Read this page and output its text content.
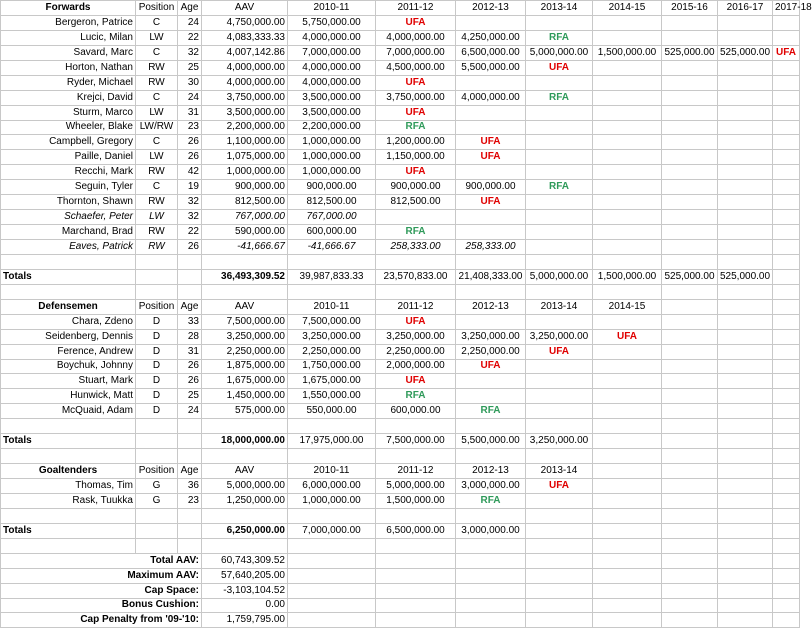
Forwards	Position	Age	AAV	2010-11	2011-12	2012-13	2013-14	2014-15	2015-16	2016-17	2017-18
Bergeron, Patrice	C	24	4,750,000.00	5,750,000.00	UFA						
Lucic, Milan	LW	22	4,083,333.33	4,000,000.00	4,000,000.00	4,250,000.00	RFA				
Savard, Marc	C	32	4,007,142.86	7,000,000.00	7,000,000.00	6,500,000.00	5,000,000.00	1,500,000.00	525,000.00	525,000.00	UFA
Horton, Nathan	RW	25	4,000,000.00	4,000,000.00	4,500,000.00	5,500,000.00	UFA				
Ryder, Michael	RW	30	4,000,000.00	4,000,000.00	UFA						
Krejci, David	C	24	3,750,000.00	3,500,000.00	3,750,000.00	4,000,000.00	RFA				
Sturm, Marco	LW	31	3,500,000.00	3,500,000.00	UFA						
Wheeler, Blake	LW/RW	23	2,200,000.00	2,200,000.00	RFA						
Campbell, Gregory	C	26	1,100,000.00	1,000,000.00	1,200,000.00	UFA					
Paille, Daniel	LW	26	1,075,000.00	1,000,000.00	1,150,000.00	UFA					
Recchi, Mark	RW	42	1,000,000.00	1,000,000.00	UFA						
Seguin, Tyler	C	19	900,000.00	900,000.00	900,000.00	900,000.00	RFA				
Thornton, Shawn	RW	32	812,500.00	812,500.00	812,500.00	UFA					
Schaefer, Peter	LW	32	767,000.00	767,000.00							
Marchand, Brad	RW	22	590,000.00	600,000.00	RFA						
Eaves, Patrick	RW	26	-41,666.67	-41,666.67	258,333.00	258,333.00					

Totals			36,493,309.52	39,987,833.33	23,570,833.00	21,408,333.00	5,000,000.00	1,500,000.00	525,000.00	525,000.00	

Defensemen	Position	Age	AAV	2010-11	2011-12	2012-13	2013-14	2014-15			
Chara, Zdeno	D	33	7,500,000.00	7,500,000.00	UFA						
Seidenberg, Dennis	D	28	3,250,000.00	3,250,000.00	3,250,000.00	3,250,000.00	3,250,000.00	UFA			
Ference, Andrew	D	31	2,250,000.00	2,250,000.00	2,250,000.00	2,250,000.00	UFA				
Boychuk, Johnny	D	26	1,875,000.00	1,750,000.00	2,000,000.00	UFA					
Stuart, Mark	D	26	1,675,000.00	1,675,000.00	UFA						
Hunwick, Matt	D	25	1,450,000.00	1,550,000.00	RFA						
McQuaid, Adam	D	24	575,000.00	550,000.00	600,000.00	RFA					

Totals			18,000,000.00	17,975,000.00	7,500,000.00	5,500,000.00	3,250,000.00				

Goaltenders	Position	Age	AAV	2010-11	2011-12	2012-13	2013-14				
Thomas, Tim	G	36	5,000,000.00	6,000,000.00	5,000,000.00	3,000,000.00	UFA				
Rask, Tuukka	G	23	1,250,000.00	1,000,000.00	1,500,000.00	RFA					

Totals			6,250,000.00	7,000,000.00	6,500,000.00	3,000,000.00					

Total AAV:			60,743,309.52								
Maximum AAV:			57,640,205.00								
Cap Space:			-3,103,104.52								
Bonus Cushion:			0.00								
Cap Penalty from '09-'10:			1,759,795.00								
